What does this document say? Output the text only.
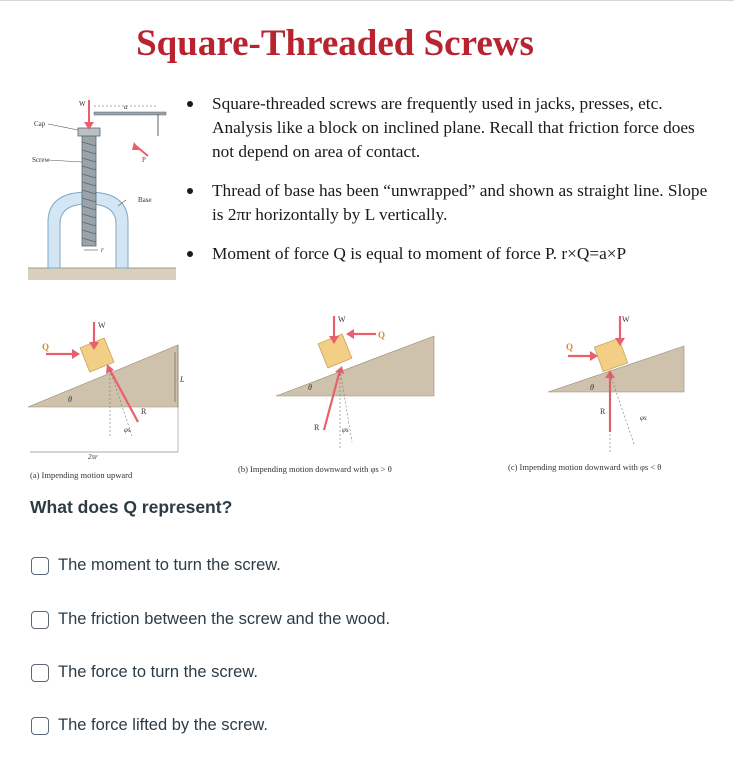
Square-Threaded Screws
Cap
Screw
Base
W	a
P
r
Square-threaded screws are frequently used in jacks, presses, etc. Analysis like a block on inclined plane. Recall that friction force does not depend on area of contact.
Thread of base has been “unwrapped” and shown as straight line. Slope is 2πr horizontally by L vertically.
Moment of force Q is equal to moment of force P. r×Q=a×P
Q
W
R
θ
φs
L
2πr
(a) Impending motion upward
Q
W
R
θ
φs
(b) Impending motion downward with φs > θ
Q
W
R
θ
φs
(c) Impending motion downward with φs < θ
What does Q represent?
The moment to turn the screw.
The friction between the screw and the wood.
The force to turn the screw.
The force lifted by the screw.
